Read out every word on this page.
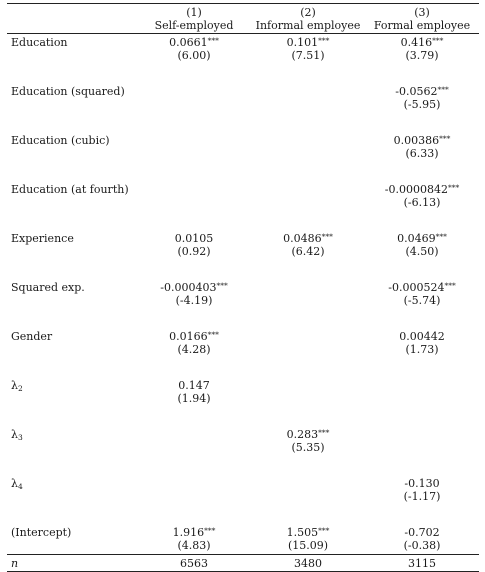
	(1)	(2)	(3)
	Self-employed	Informal employee	Formal employee
Education	0.0661***	0.101***	0.416***
	(6.00)	(7.51)	(3.79)
Education (squared)			-0.0562***
			(-5.95)
Education (cubic)			0.00386***
			(6.33)
Education (at fourth)			-0.0000842***
			(-6.13)
Experience	0.0105	0.0486***	0.0469***
	(0.92)	(6.42)	(4.50)
Squared exp.	-0.000403***		-0.000524***
	(-4.19)		(-5.74)
Gender	0.0166***		0.00442
	(4.28)		(1.73)
$\lambda_2$	0.147		
	(1.94)		
$\lambda_3$		0.283***	
		(5.35)	
$\lambda_4$			-0.130
			(-1.17)
(Intercept)	1.916***	1.505***	-0.702
	(4.83)	(15.09)	(-0.38)
n	6563	3480	3115
